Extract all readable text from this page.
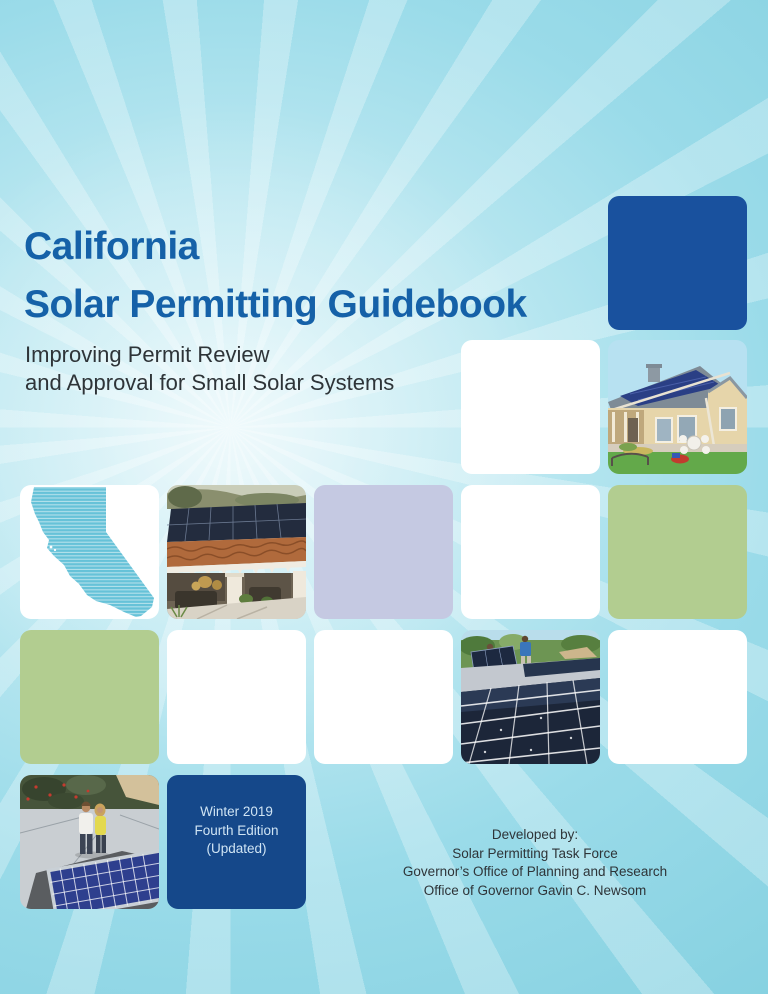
California
Solar Permitting Guidebook
Improving Permit Review
and Approval for Small Solar Systems
Winter 2019
Fourth Edition
(Updated)
Developed by:
Solar Permitting Task Force
Governor’s Office of Planning and Research
Office of Governor Gavin C. Newsom
